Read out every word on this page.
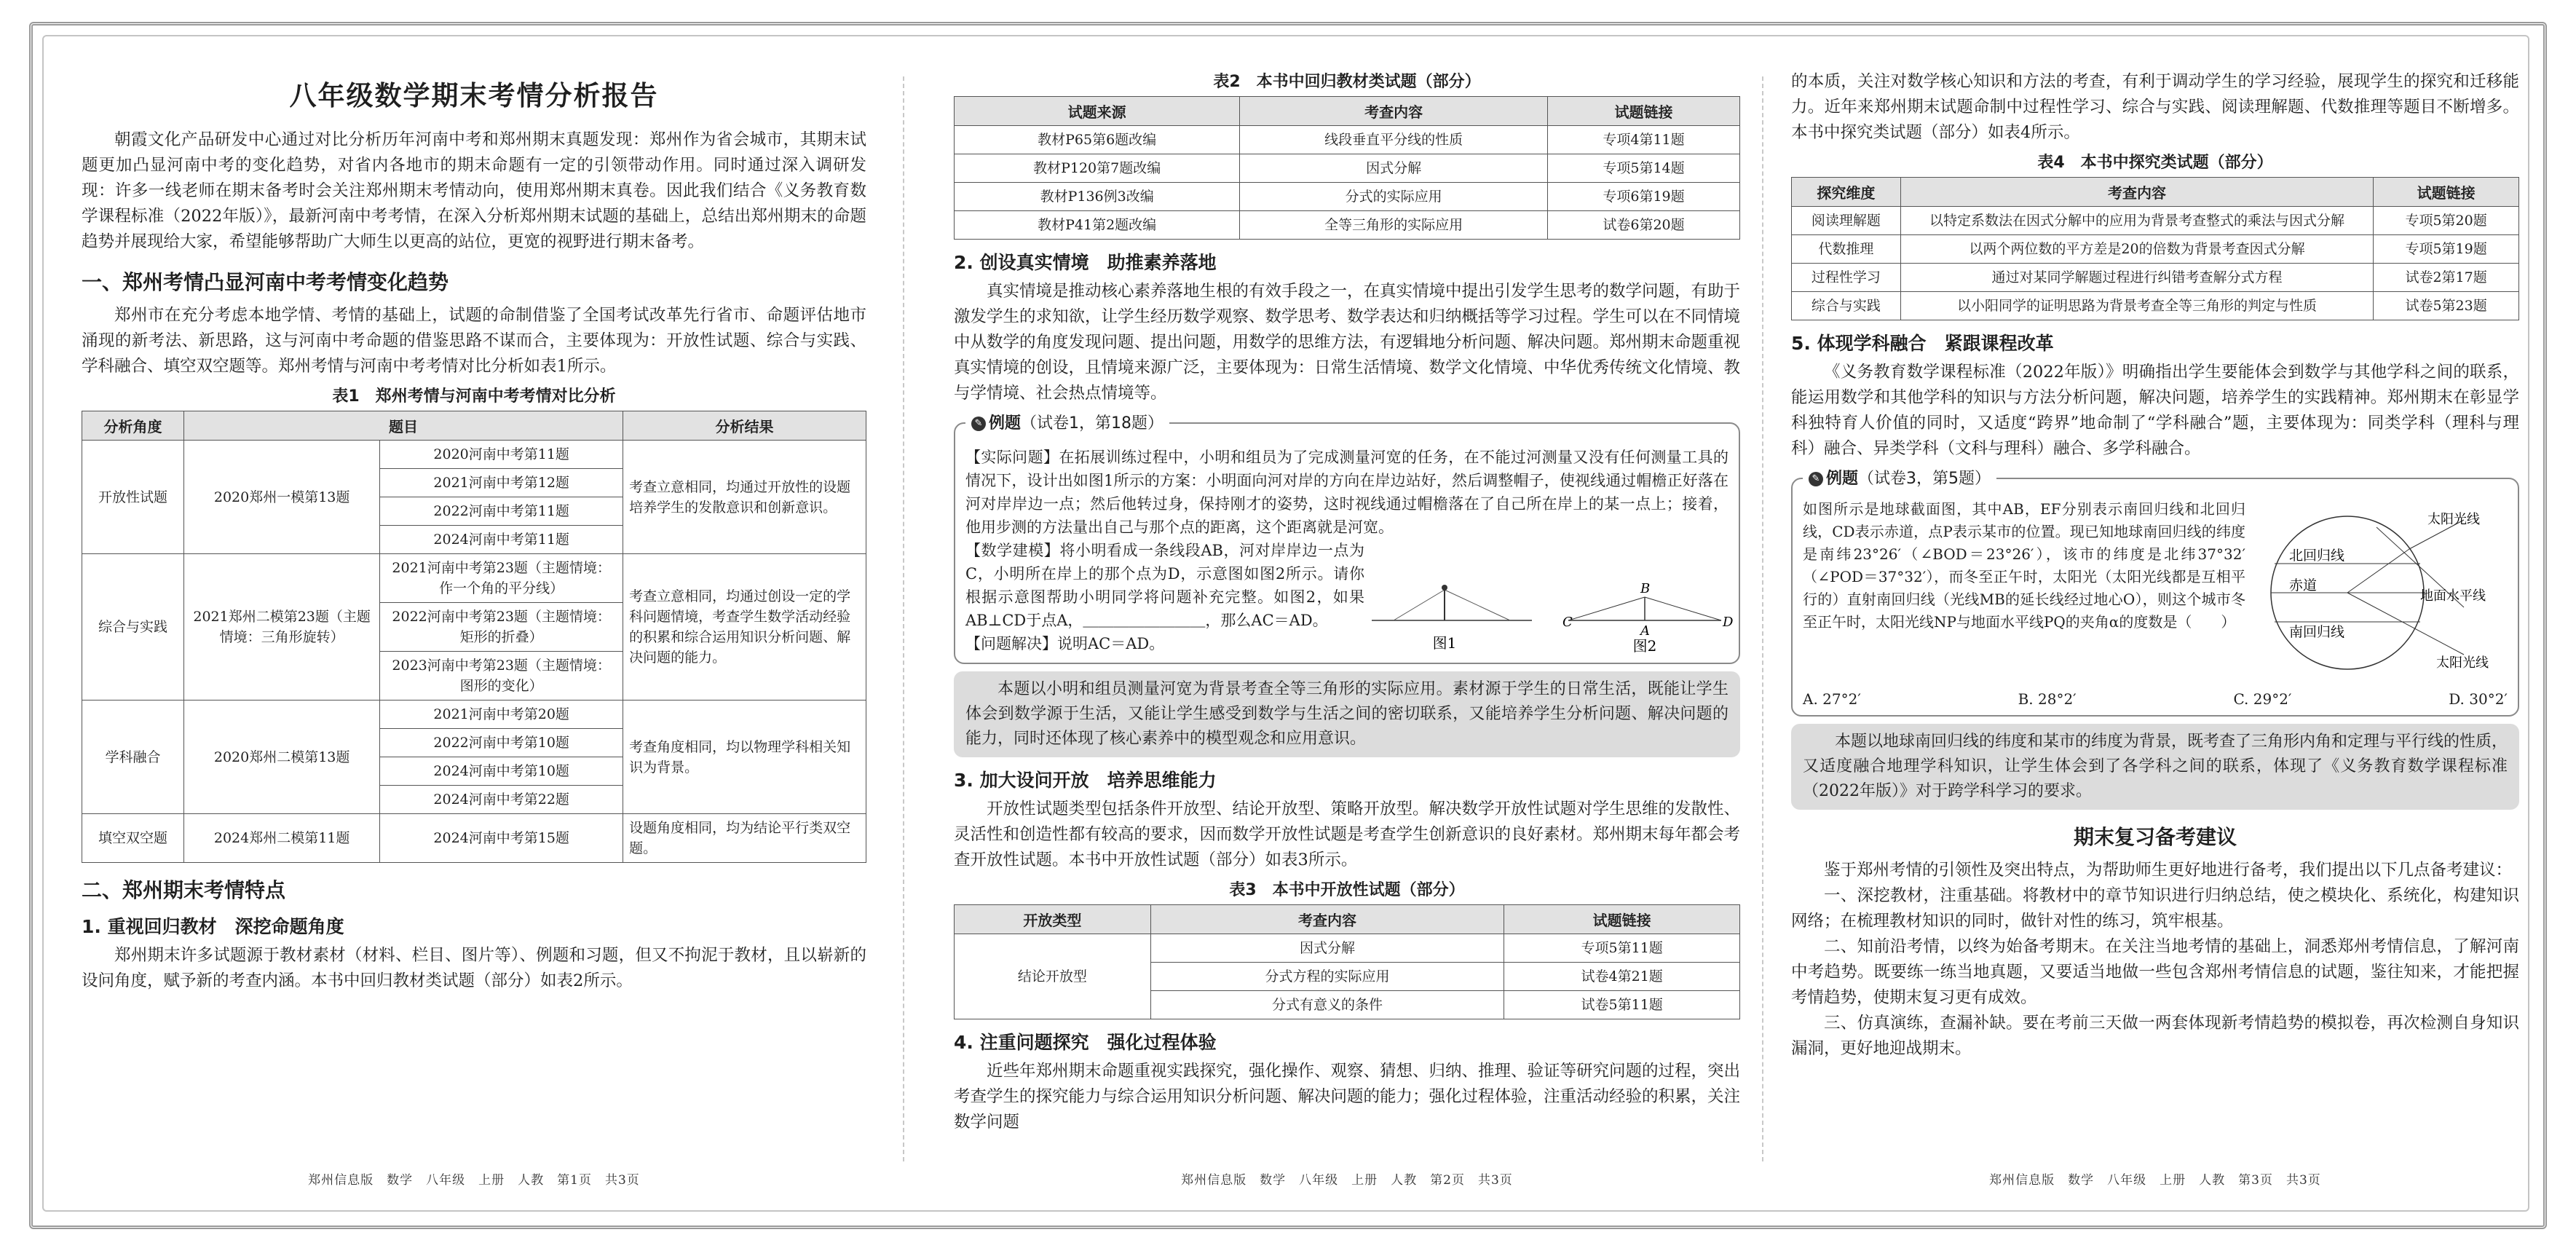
八年级数学期末考情分析报告

朝霞文化产品研发中心通过对比分析历年河南中考和郑州期末真题发现：郑州作为省会城市，其期末试题更加凸显河南中考的变化趋势，对省内各地市的期末命题有一定的引领带动作用。同时通过深入调研发现：许多一线老师在期末备考时会关注郑州期末考情动向，使用郑州期末真卷。因此我们结合《义务教育数学课程标准（2022年版）》，最新河南中考考情，在深入分析郑州期末试题的基础上，总结出郑州期末的命题趋势并展现给大家，希望能够帮助广大师生以更高的站位，更宽的视野进行期末备考。

一、郑州考情凸显河南中考考情变化趋势

郑州市在充分考虑本地学情、考情的基础上，试题的命制借鉴了全国考试改革先行省市、命题评估地市涌现的新考法、新思路，这与河南中考命题的借鉴思路不谋而合，主要体现为：开放性试题、综合与实践、学科融合、填空双空题等。郑州考情与河南中考考情对比分析如表1所示。

表1　郑州考情与河南中考考情对比分析
分析角度	题目		分析结果
开放性试题	2020郑州一模第13题	2020河南中考第11题	考查立意相同，均通过开放性的设题培养学生的发散意识和创新意识。
		2021河南中考第12题	
		2022河南中考第11题	
		2024河南中考第11题	
综合与实践	2021郑州二模第23题（主题情境：三角形旋转）	2021河南中考第23题（主题情境：作一个角的平分线）	考查立意相同，均通过创设一定的学科问题情境，考查学生数学活动经验的积累和综合运用知识分析问题、解决问题的能力。
		2022河南中考第23题（主题情境：矩形的折叠）	
		2023河南中考第23题（主题情境：图形的变化）	
学科融合	2020郑州二模第13题	2021河南中考第20题	考查角度相同，均以物理学科相关知识为背景。
		2022河南中考第10题	
		2024河南中考第10题	
		2024河南中考第22题	
填空双空题	2024郑州二模第11题	2024河南中考第15题	设题角度相同，均为结论平行类双空题。
二、郑州期末考情特点
1. 重视回归教材　深挖命题角度

郑州期末许多试题源于教材素材（材料、栏目、图片等）、例题和习题，但又不拘泥于教材，且以崭新的设问角度，赋予新的考查内涵。本书中回归教材类试题（部分）如表2所示。

郑州信息版　数学　八年级　上册　人教　第1页　共3页
表2　本书中回归教材类试题（部分）
试题来源	考查内容	试题链接
教材P65第6题改编	线段垂直平分线的性质	专项4第11题
教材P120第7题改编	因式分解	专项5第14题
教材P136例3改编	分式的实际应用	专项6第19题
教材P41第2题改编	全等三角形的实际应用	试卷6第20题
2. 创设真实情境　助推素养落地

真实情境是推动核心素养落地生根的有效手段之一，在真实情境中提出引发学生思考的数学问题，有助于激发学生的求知欲，让学生经历数学观察、数学思考、数学表达和归纳概括等学习过程。学生可以在不同情境中从数学的角度发现问题、提出问题，用数学的思维方法，有逻辑地分析问题、解决问题。郑州期末命题重视真实情境的创设，且情境来源广泛，主要体现为：日常生活情境、数学文化情境、中华优秀传统文化情境、教与学情境、社会热点情境等。

✎ 例题（试卷1，第18题）

【实际问题】在拓展训练过程中，小明和组员为了完成测量河宽的任务，在不能过河测量又没有任何测量工具的情况下，设计出如图1所示的方案：小明面向河对岸的方向在岸边站好，然后调整帽子，使视线通过帽檐正好落在河对岸岸边一点；然后他转过身，保持刚才的姿势，这时视线通过帽檐落在了自己所在岸上的某一点上；接着，他用步测的方法量出自己与那个点的距离，这个距离就是河宽。

【数学建模】将小明看成一条线段AB，河对岸岸边一点为C，小明所在岸上的那个点为D，示意图如图2所示。请你根据示意图帮助小明同学将问题补充完整。如图2，如果AB⊥CD于点A，＿＿＿＿＿＿＿＿，那么AC＝AD。

【问题解决】说明AC＝AD。	图1
C
B
A
D
图2

本题以小明和组员测量河宽为背景考查全等三角形的实际应用。素材源于学生的日常生活，既能让学生体会到数学源于生活，又能让学生感受到数学与生活之间的密切联系，又能培养学生分析问题、解决问题的能力，同时还体现了核心素养中的模型观念和应用意识。

3. 加大设问开放　培养思维能力

开放性试题类型包括条件开放型、结论开放型、策略开放型。解决数学开放性试题对学生思维的发散性、灵活性和创造性都有较高的要求，因而数学开放性试题是考查学生创新意识的良好素材。郑州期末每年都会考查开放性试题。本书中开放性试题（部分）如表3所示。

表3　本书中开放性试题（部分）
开放类型	考查内容	试题链接
结论开放型	因式分解	专项5第11题
	分式方程的实际应用	试卷4第21题
	分式有意义的条件	试卷5第11题
4. 注重问题探究　强化过程体验

近些年郑州期末命题重视实践探究，强化操作、观察、猜想、归纳、推理、验证等研究问题的过程，突出考查学生的探究能力与综合运用知识分析问题、解决问题的能力；强化过程体验，注重活动经验的积累，关注数学问题

郑州信息版　数学　八年级　上册　人教　第2页　共3页

的本质，关注对数学核心知识和方法的考查，有利于调动学生的学习经验，展现学生的探究和迁移能力。近年来郑州期末试题命制中过程性学习、综合与实践、阅读理解题、代数推理等题目不断增多。本书中探究类试题（部分）如表4所示。

表4　本书中探究类试题（部分）
探究维度	考查内容	试题链接
阅读理解题	以特定系数法在因式分解中的应用为背景考查整式的乘法与因式分解	专项5第20题
代数推理	以两个两位数的平方差是20的倍数为背景考查因式分解	专项5第19题
过程性学习	通过对某同学解题过程进行纠错考查解分式方程	试卷2第17题
综合与实践	以小阳同学的证明思路为背景考查全等三角形的判定与性质	试卷5第23题
5. 体现学科融合　紧跟课程改革

《义务教育数学课程标准（2022年版）》明确指出学生要能体会到数学与其他学科之间的联系，能运用数学和其他学科的知识与方法分析问题，解决问题，培养学生的实践精神。郑州期末在彰显学科独特育人价值的同时，又适度“跨界”地命制了“学科融合”题，主要体现为：同类学科（理科与理科）融合、异类学科（文科与理科）融合、多学科融合。

✎ 例题（试卷3，第5题）

如图所示是地球截面图，其中AB，EF分别表示南回归线和北回归线，CD表示赤道，点P表示某市的位置。现已知地球南回归线的纬度是南纬23°26′（∠BOD＝23°26′），该市的纬度是北纬37°32′（∠POD＝37°32′），而冬至正午时，太阳光（太阳光线都是互相平行的）直射南回归线（光线MB的延长线经过地心O），则这个城市冬至正午时，太阳光线NP与地面水平线PQ的夹角α的度数是（　　）

北回归线
赤道
南回归线
太阳光线
地面水平线
太阳光线
A. 27°2′	B. 28°2′	C. 29°2′	D. 30°2′

本题以地球南回归线的纬度和某市的纬度为背景，既考查了三角形内角和定理与平行线的性质，又适度融合地理学科知识，让学生体会到了各学科之间的联系，体现了《义务教育数学课程标准（2022年版）》对于跨学科学习的要求。

期末复习备考建议

鉴于郑州考情的引领性及突出特点，为帮助师生更好地进行备考，我们提出以下几点备考建议：

一、深挖教材，注重基础。将教材中的章节知识进行归纳总结，使之模块化、系统化，构建知识网络；在梳理教材知识的同时，做针对性的练习，筑牢根基。

二、知前沿考情，以终为始备考期末。在关注当地考情的基础上，洞悉郑州考情信息，了解河南中考趋势。既要练一练当地真题，又要适当地做一些包含郑州考情信息的试题，鉴往知来，才能把握考情趋势，使期末复习更有成效。

三、仿真演练，查漏补缺。要在考前三天做一两套体现新考情趋势的模拟卷，再次检测自身知识漏洞，更好地迎战期末。

郑州信息版　数学　八年级　上册　人教　第3页　共3页
